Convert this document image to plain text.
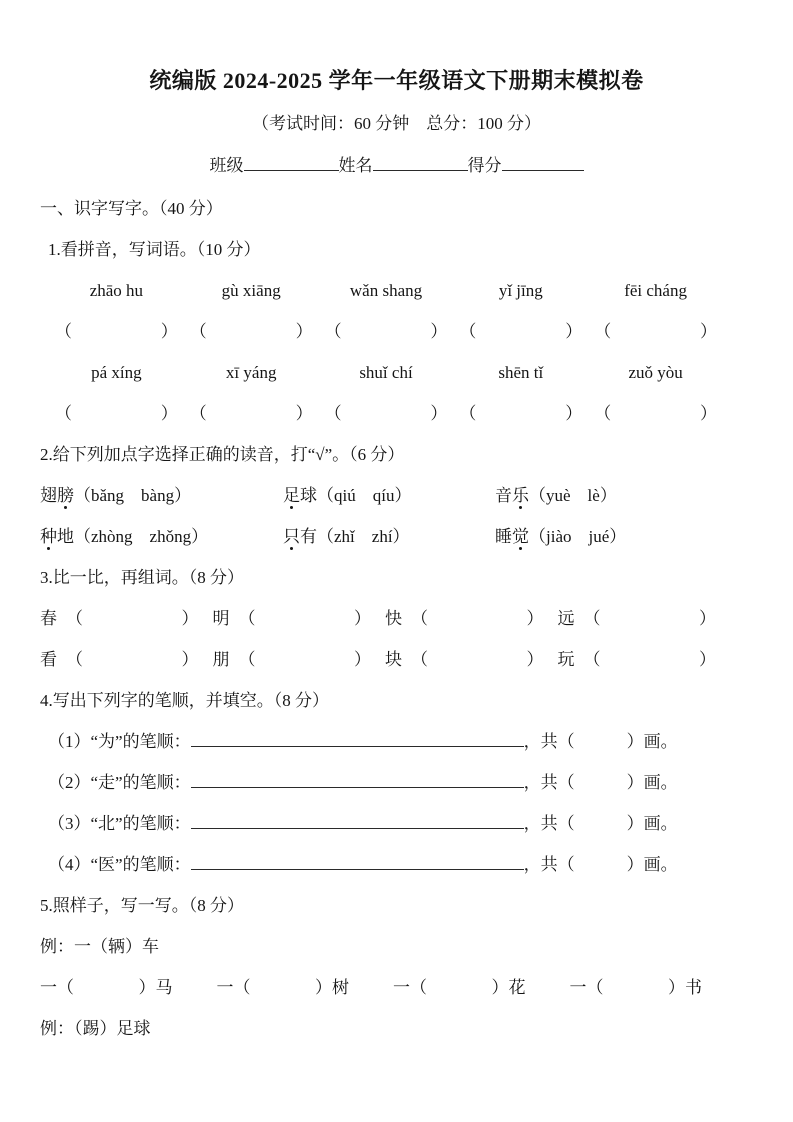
统编版 2024-2025 学年一年级语文下册期末模拟卷
（考试时间：60 分钟　总分：100 分）
班级	姓名	得分
一、识字写字。（40 分）
1.看拼音，写词语。（10 分）
zhāo hu	gù xiāng	wǎn shang	yǐ jīng	fēi cháng
（	） （	） （	） （	） （	）
pá xíng	xī yáng	shuǐ chí	shēn tǐ	zuǒ yòu
（	） （	） （	） （	） （	）
2.给下列加点字选择正确的读音，打“√”。（6 分）
翅膀（bǎng　bàng）	足球（qiú　qíu）	音乐（yuè　lè）
种地（zhòng　zhǒng）	只有（zhǐ　zhí）	睡觉（jiào　jué）
3.比一比，再组词。（8 分）
春 （	） 明 （	） 快 （	） 远 （	）
看 （	） 朋 （	） 块 （	） 玩 （	）
4.写出下列字的笔顺，并填空。（8 分）
（1）“为”的笔顺：	，共（	）画。
（2）“走”的笔顺：	，共（	）画。
（3）“北”的笔顺：	，共（	）画。
（4）“医”的笔顺：	，共（	）画。
5.照样子，写一写。（8 分）
例：一（辆）车
一（	）马	一（	）树	一（	）花	一（	）书
例：（踢）足球
